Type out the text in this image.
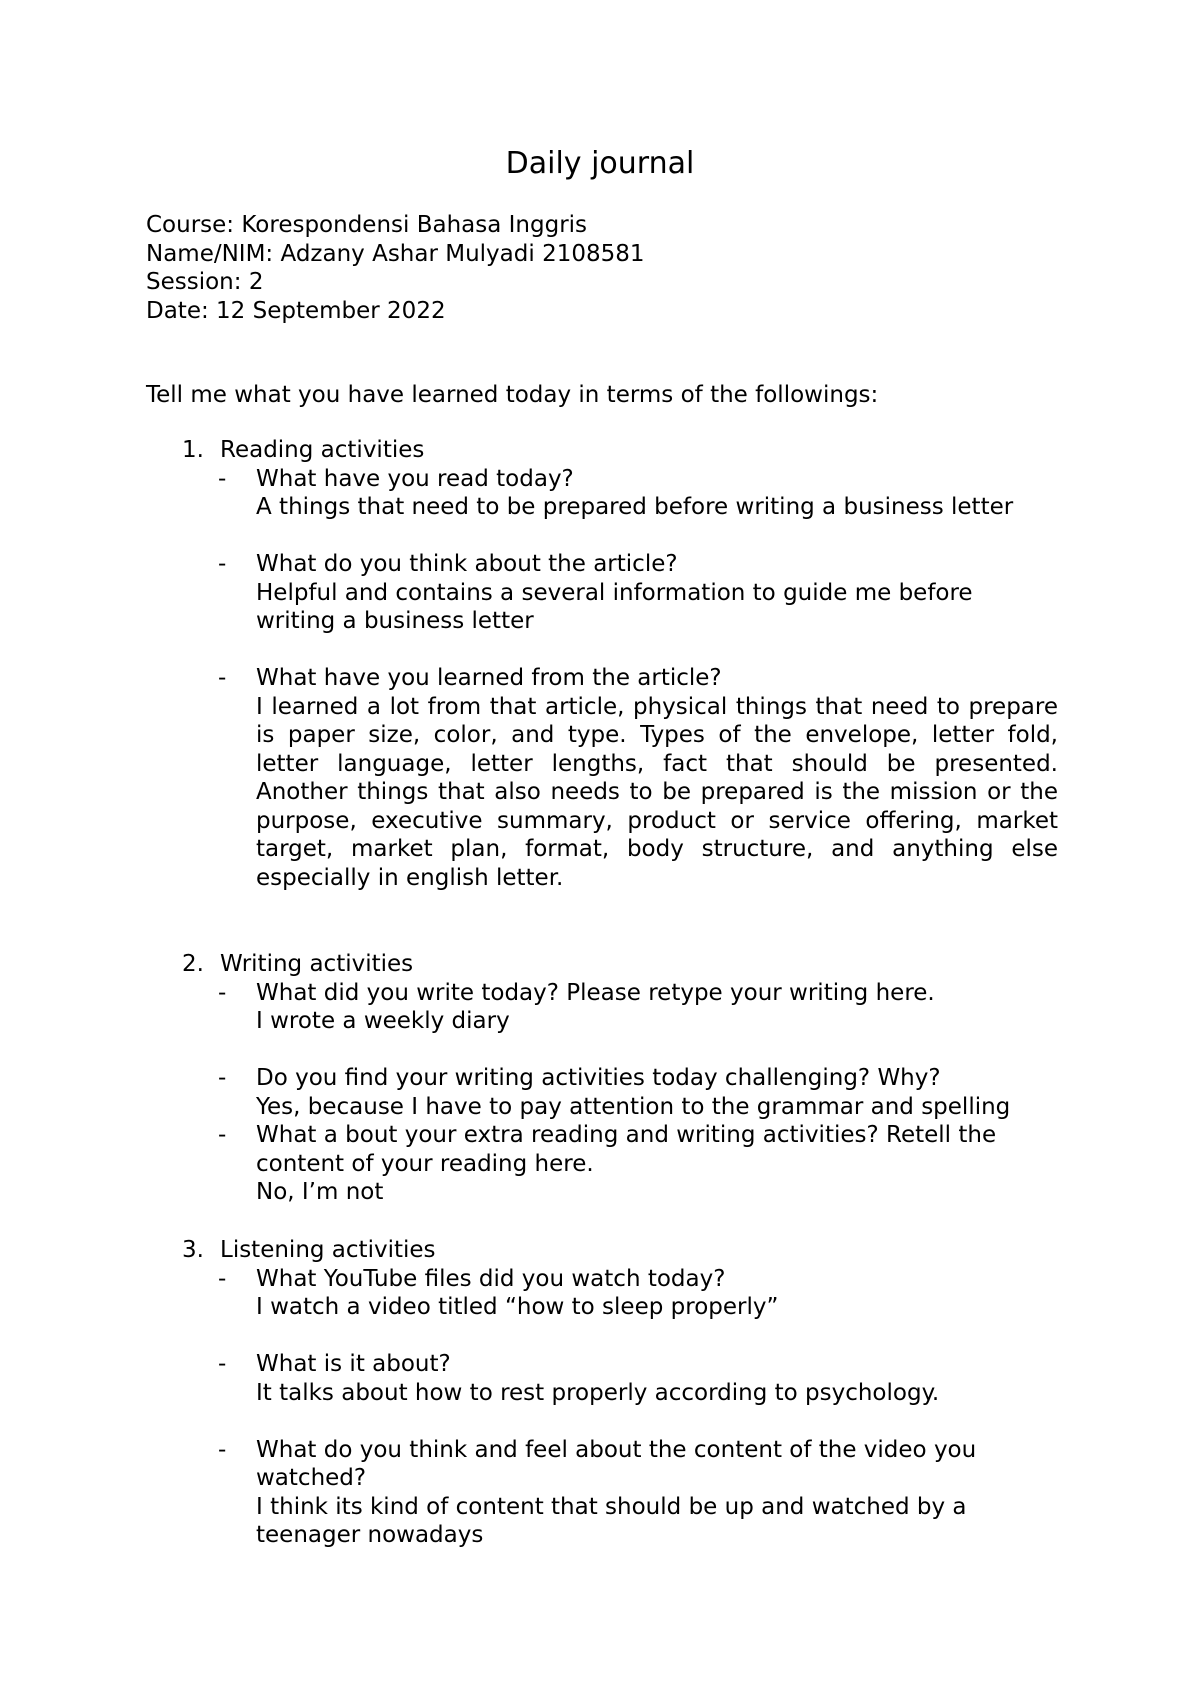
Daily journal
Course: Korespondensi Bahasa Inggris
Name/NIM: Adzany Ashar Mulyadi 2108581
Session: 2
Date: 12 September 2022
Tell me what you have learned today in terms of the followings:
1. Reading activities
-	What have you read today?
A things that need to be prepared before writing a business letter
-	What do you think about the article?
Helpful and contains a several information to guide me before writing a business letter
-	What have you learned from the article?
I learned a lot from that article, physical things that need to prepare is paper size, color, and type. Types of the envelope, letter fold, letter language, letter lengths, fact that should be presented. Another things that also needs to be prepared is the mission or the purpose, executive summary, product or service offering, market target, market plan, format, body structure, and anything else especially in english letter.
2. Writing activities
-	What did you write today? Please retype your writing here.
I wrote a weekly diary
-	Do you find your writing activities today challenging? Why?
Yes, because I have to pay attention to the grammar and spelling
-	What a bout your extra reading and writing activities? Retell the content of your reading here.
No, I’m not
3. Listening activities
-	What YouTube files did you watch today?
I watch a video titled “how to sleep properly”
-	What is it about?
It talks about how to rest properly according to psychology.
-	What do you think and feel about the content of the video you watched?
I think its kind of content that should be up and watched by a teenager nowadays
